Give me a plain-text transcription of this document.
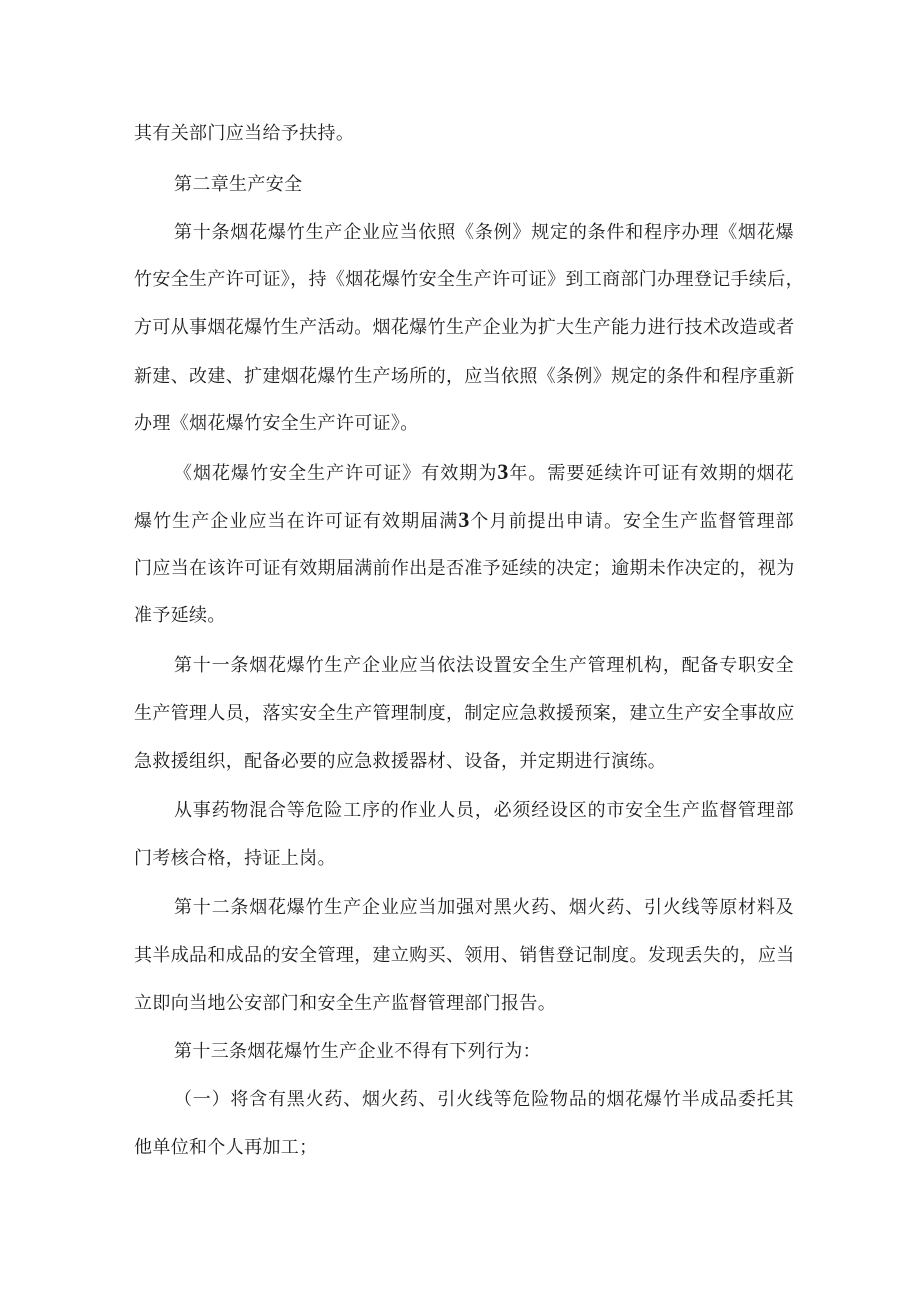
其有关部门应当给予扶持。
第二章生产安全
第十条烟花爆竹生产企业应当依照《条例》规定的条件和程序办理《烟花爆
竹安全生产许可证》，持《烟花爆竹安全生产许可证》到工商部门办理登记手续后，
方可从事烟花爆竹生产活动。烟花爆竹生产企业为扩大生产能力进行技术改造或者
新建、改建、扩建烟花爆竹生产场所的，应当依照《条例》规定的条件和程序重新
办理《烟花爆竹安全生产许可证》。
《烟花爆竹安全生产许可证》有效期为3年。需要延续许可证有效期的烟花
爆竹生产企业应当在许可证有效期届满3个月前提出申请。安全生产监督管理部
门应当在该许可证有效期届满前作出是否准予延续的决定；逾期未作决定的，视为
准予延续。
第十一条烟花爆竹生产企业应当依法设置安全生产管理机构，配备专职安全
生产管理人员，落实安全生产管理制度，制定应急救援预案，建立生产安全事故应
急救援组织，配备必要的应急救援器材、设备，并定期进行演练。
从事药物混合等危险工序的作业人员，必须经设区的市安全生产监督管理部
门考核合格，持证上岗。
第十二条烟花爆竹生产企业应当加强对黑火药、烟火药、引火线等原材料及
其半成品和成品的安全管理，建立购买、领用、销售登记制度。发现丢失的，应当
立即向当地公安部门和安全生产监督管理部门报告。
第十三条烟花爆竹生产企业不得有下列行为：
（一）将含有黑火药、烟火药、引火线等危险物品的烟花爆竹半成品委托其
他单位和个人再加工；
